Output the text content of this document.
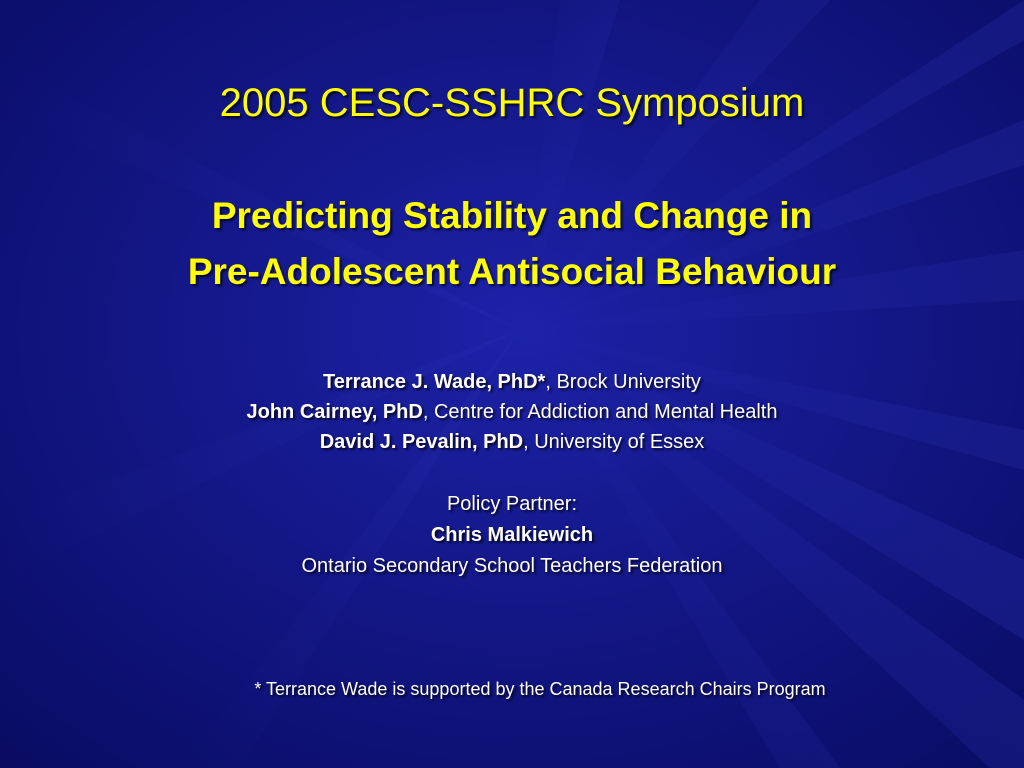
2005 CESC-SSHRC Symposium
Predicting Stability and Change in
Pre-Adolescent Antisocial Behaviour
Terrance J. Wade, PhD*, Brock University
John Cairney, PhD, Centre for Addiction and Mental Health
David J. Pevalin, PhD, University of Essex
Policy Partner:
Chris Malkiewich
Ontario Secondary School Teachers Federation
* Terrance Wade is supported by the Canada Research Chairs Program
